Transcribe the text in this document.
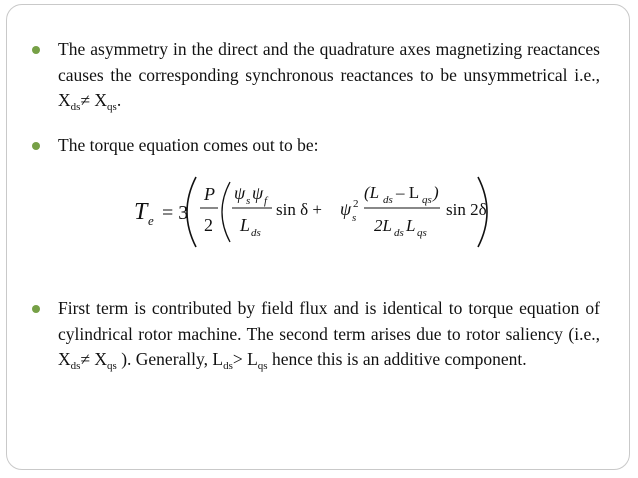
The asymmetry in the direct and the quadrature axes magnetizing reactances causes the corresponding synchronous reactances to be unsymmetrical i.e., $X_{ds}\ne X_{qs}$.
The torque equation comes out to be:
T e = 3
P
2
ψ s ψ f
L ds
sin δ + ψ 2
s
(L ds – L qs )
2L ds L qs
sin 2δ
First term is contributed by field flux and is identical to torque equation of cylindrical rotor machine. The second term arises due to rotor saliency (i.e., $X_{ds}\ne X_{qs}$ ). Generally, $L_{ds}> L_{qs}$ hence this is an additive component.
